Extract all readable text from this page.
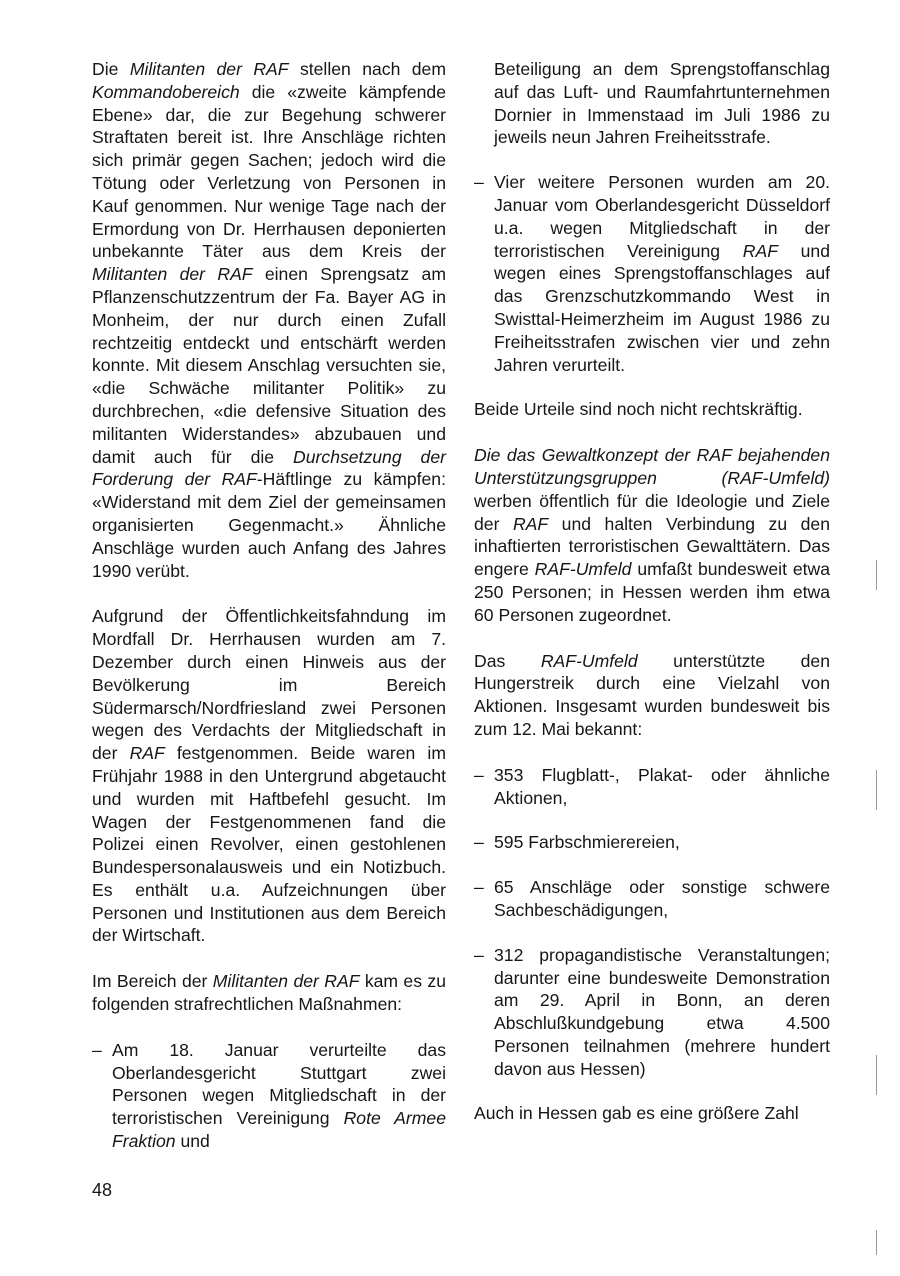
Die Militanten der RAF stellen nach dem Kommandobereich die «zweite kämpfende Ebene» dar, die zur Begehung schwerer Straftaten bereit ist. Ihre Anschläge richten sich primär gegen Sachen; jedoch wird die Tötung oder Verletzung von Personen in Kauf genommen. Nur wenige Tage nach der Ermordung von Dr. Herrhausen deponierten unbekannte Täter aus dem Kreis der Militanten der RAF einen Sprengsatz am Pflanzenschutzzentrum der Fa. Bayer AG in Monheim, der nur durch einen Zufall rechtzeitig entdeckt und entschärft werden konnte. Mit diesem Anschlag versuchten sie, «die Schwäche militanter Politik» zu durchbrechen, «die defensive Situation des militanten Widerstandes» abzubauen und damit auch für die Durchsetzung der Forderung der RAF-Häftlinge zu kämpfen: «Widerstand mit dem Ziel der gemeinsamen organisierten Gegenmacht.» Ähnliche Anschläge wurden auch Anfang des Jahres 1990 verübt.

Aufgrund der Öffentlichkeitsfahndung im Mordfall Dr. Herrhausen wurden am 7. Dezember durch einen Hinweis aus der Bevölkerung im Bereich Südermarsch/Nordfriesland zwei Personen wegen des Verdachts der Mitgliedschaft in der RAF festgenommen. Beide waren im Frühjahr 1988 in den Untergrund abgetaucht und wurden mit Haftbefehl gesucht. Im Wagen der Festgenommenen fand die Polizei einen Revolver, einen gestohlenen Bundespersonalausweis und ein Notizbuch. Es enthält u.a. Aufzeichnungen über Personen und Institutionen aus dem Bereich der Wirtschaft.

Im Bereich der Militanten der RAF kam es zu folgenden strafrechtlichen Maßnahmen:

– Am 18. Januar verurteilte das Oberlandesgericht Stuttgart zwei Personen wegen Mitgliedschaft in der terroristischen Vereinigung Rote Armee Fraktion und
Beteiligung an dem Sprengstoffanschlag auf das Luft- und Raumfahrtunternehmen Dornier in Immenstaad im Juli 1986 zu jeweils neun Jahren Freiheitsstrafe.
– Vier weitere Personen wurden am 20. Januar vom Oberlandesgericht Düsseldorf u.a. wegen Mitgliedschaft in der terroristischen Vereinigung RAF und wegen eines Sprengstoffanschlages auf das Grenzschutzkommando West in Swisttal-Heimerzheim im August 1986 zu Freiheitsstrafen zwischen vier und zehn Jahren verurteilt.

Beide Urteile sind noch nicht rechtskräftig.

Die das Gewaltkonzept der RAF bejahenden Unterstützungsgruppen (RAF-Umfeld) werben öffentlich für die Ideologie und Ziele der RAF und halten Verbindung zu den inhaftierten terroristischen Gewalttätern. Das engere RAF-Umfeld umfaßt bundesweit etwa 250 Personen; in Hessen werden ihm etwa 60 Personen zugeordnet.

Das RAF-Umfeld unterstützte den Hungerstreik durch eine Vielzahl von Aktionen. Insgesamt wurden bundesweit bis zum 12. Mai bekannt:

– 353 Flugblatt-, Plakat- oder ähnliche Aktionen,
– 595 Farbschmierereien,
– 65 Anschläge oder sonstige schwere Sachbeschädigungen,
– 312 propagandistische Veranstaltungen; darunter eine bundesweite Demonstration am 29. April in Bonn, an deren Abschlußkundgebung etwa 4.500 Personen teilnahmen (mehrere hundert davon aus Hessen)

Auch in Hessen gab es eine größere Zahl

48
